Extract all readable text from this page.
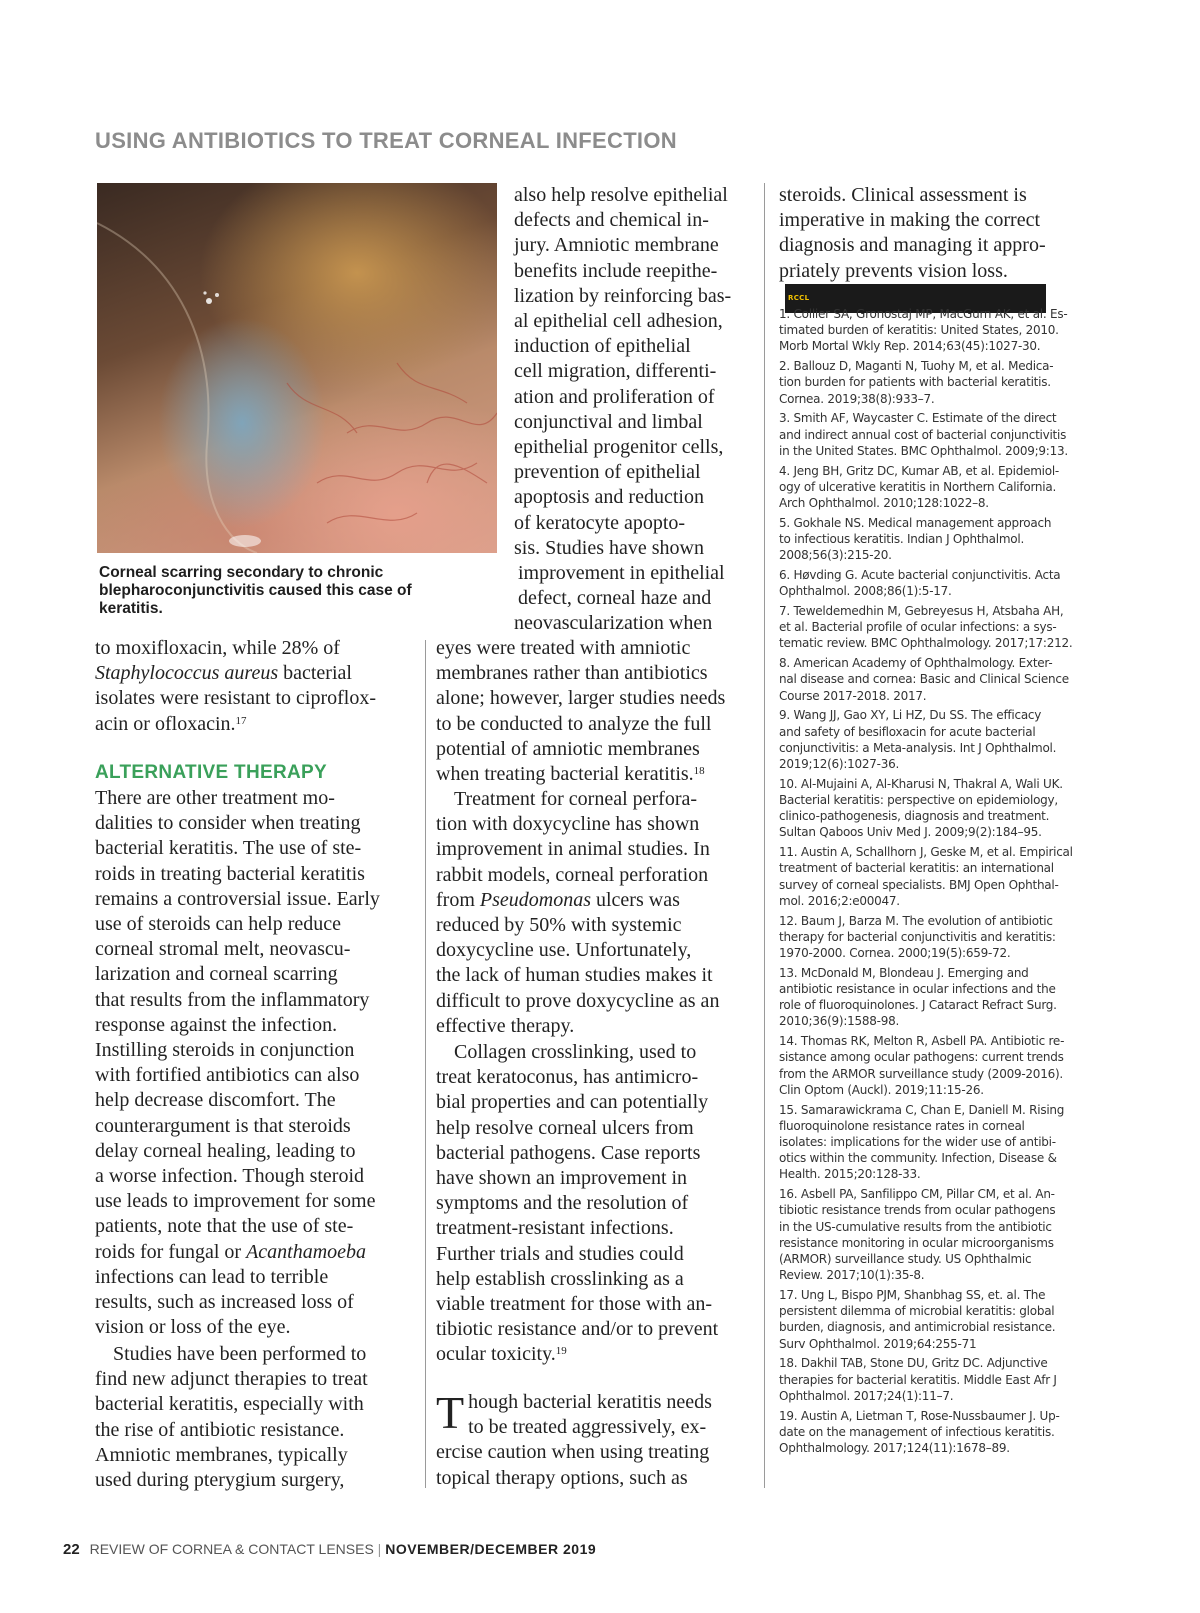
USING ANTIBIOTICS TO TREAT CORNEAL INFECTION
Corneal scarring secondary to chronic blepharoconjunctivitis caused this case of keratitis.
to moxifloxacin, while 28% of
Staphylococcus aureus bacterial
isolates were resistant to ciproflox-
acin or ofloxacin.$^{17}$
ALTERNATIVE THERAPY
There are other treatment mo-
dalities to consider when treating
bacterial keratitis. The use of ste-
roids in treating bacterial keratitis
remains a controversial issue. Early
use of steroids can help reduce
corneal stromal melt, neovascu-
larization and corneal scarring
that results from the inflammatory
response against the infection.
Instilling steroids in conjunction
with fortified antibiotics can also
help decrease discomfort. The
counterargument is that steroids
delay corneal healing, leading to
a worse infection. Though steroid
use leads to improvement for some
patients, note that the use of ste-
roids for fungal or Acanthamoeba
infections can lead to terrible
results, such as increased loss of
vision or loss of the eye.
Studies have been performed to
find new adjunct therapies to treat
bacterial keratitis, especially with
the rise of antibiotic resistance.
Amniotic membranes, typically
used during pterygium surgery,
also help resolve epithelial
defects and chemical in-
jury. Amniotic membrane
benefits include reepithe-
lization by reinforcing bas-
al epithelial cell adhesion,
induction of epithelial
cell migration, differenti-
ation and proliferation of
conjunctival and limbal
epithelial progenitor cells,
prevention of epithelial
apoptosis and reduction
of keratocyte apopto-
sis. Studies have shown
improvement in epithelial
defect, corneal haze and
neovascularization when
eyes were treated with amniotic
membranes rather than antibiotics
alone; however, larger studies needs
to be conducted to analyze the full
potential of amniotic membranes
when treating bacterial keratitis.$^{18}$
Treatment for corneal perfora-
tion with doxycycline has shown
improvement in animal studies. In
rabbit models, corneal perforation
from Pseudomonas ulcers was
reduced by 50% with systemic
doxycycline use. Unfortunately,
the lack of human studies makes it
difficult to prove doxycycline as an
effective therapy.
Collagen crosslinking, used to
treat keratoconus, has antimicro-
bial properties and can potentially
help resolve corneal ulcers from
bacterial pathogens. Case reports
have shown an improvement in
symptoms and the resolution of
treatment-resistant infections.
Further trials and studies could
help establish crosslinking as a
viable treatment for those with an-
tibiotic resistance and/or to prevent
ocular toxicity.$^{19}$
Though bacterial keratitis needs
to be treated aggressively, ex-
ercise caution when using treating
topical therapy options, such as
steroids. Clinical assessment is
imperative in making the correct
diagnosis and managing it appro-
priately prevents vision loss.
RCCL
1. Collier SA, Gronostaj MP, MacGurn AK, et al. Es-
timated burden of keratitis: United States, 2010.
Morb Mortal Wkly Rep. 2014;63(45):1027-30.
2. Ballouz D, Maganti N, Tuohy M, et al. Medica-
tion burden for patients with bacterial keratitis.
Cornea. 2019;38(8):933–7.
3. Smith AF, Waycaster C. Estimate of the direct
and indirect annual cost of bacterial conjunctivitis
in the United States. BMC Ophthalmol. 2009;9:13.
4. Jeng BH, Gritz DC, Kumar AB, et al. Epidemiol-
ogy of ulcerative keratitis in Northern California.
Arch Ophthalmol. 2010;128:1022–8.
5. Gokhale NS. Medical management approach
to infectious keratitis. Indian J Ophthalmol.
2008;56(3):215-20.
6. Høvding G. Acute bacterial conjunctivitis. Acta
Ophthalmol. 2008;86(1):5-17.
7. Teweldemedhin M, Gebreyesus H, Atsbaha AH,
et al. Bacterial profile of ocular infections: a sys-
tematic review. BMC Ophthalmology. 2017;17:212.
8. American Academy of Ophthalmology. Exter-
nal disease and cornea: Basic and Clinical Science
Course 2017-2018. 2017.
9. Wang JJ, Gao XY, Li HZ, Du SS. The efficacy
and safety of besifloxacin for acute bacterial
conjunctivitis: a Meta-analysis. Int J Ophthalmol.
2019;12(6):1027-36.
10. Al-Mujaini A, Al-Kharusi N, Thakral A, Wali UK.
Bacterial keratitis: perspective on epidemiology,
clinico-pathogenesis, diagnosis and treatment.
Sultan Qaboos Univ Med J. 2009;9(2):184–95.
11. Austin A, Schallhorn J, Geske M, et al. Empirical
treatment of bacterial keratitis: an international
survey of corneal specialists. BMJ Open Ophthal-
mol. 2016;2:e00047.
12. Baum J, Barza M. The evolution of antibiotic
therapy for bacterial conjunctivitis and keratitis:
1970-2000. Cornea. 2000;19(5):659-72.
13. McDonald M, Blondeau J. Emerging and
antibiotic resistance in ocular infections and the
role of fluoroquinolones. J Cataract Refract Surg.
2010;36(9):1588-98.
14. Thomas RK, Melton R, Asbell PA. Antibiotic re-
sistance among ocular pathogens: current trends
from the ARMOR surveillance study (2009-2016).
Clin Optom (Auckl). 2019;11:15-26.
15. Samarawickrama C, Chan E, Daniell M. Rising
fluoroquinolone resistance rates in corneal
isolates: implications for the wider use of antibi-
otics within the community. Infection, Disease &
Health. 2015;20:128-33.
16. Asbell PA, Sanfilippo CM, Pillar CM, et al. An-
tibiotic resistance trends from ocular pathogens
in the US-cumulative results from the antibiotic
resistance monitoring in ocular microorganisms
(ARMOR) surveillance study. US Ophthalmic
Review. 2017;10(1):35-8.
17. Ung L, Bispo PJM, Shanbhag SS, et. al. The
persistent dilemma of microbial keratitis: global
burden, diagnosis, and antimicrobial resistance.
Surv Ophthalmol. 2019;64:255-71
18. Dakhil TAB, Stone DU, Gritz DC. Adjunctive
therapies for bacterial keratitis. Middle East Afr J
Ophthalmol. 2017;24(1):11–7.
19. Austin A, Lietman T, Rose-Nussbaumer J. Up-
date on the management of infectious keratitis.
Ophthalmology. 2017;124(11):1678–89.
22 REVIEW OF CORNEA & CONTACT LENSES | NOVEMBER/DECEMBER 2019
